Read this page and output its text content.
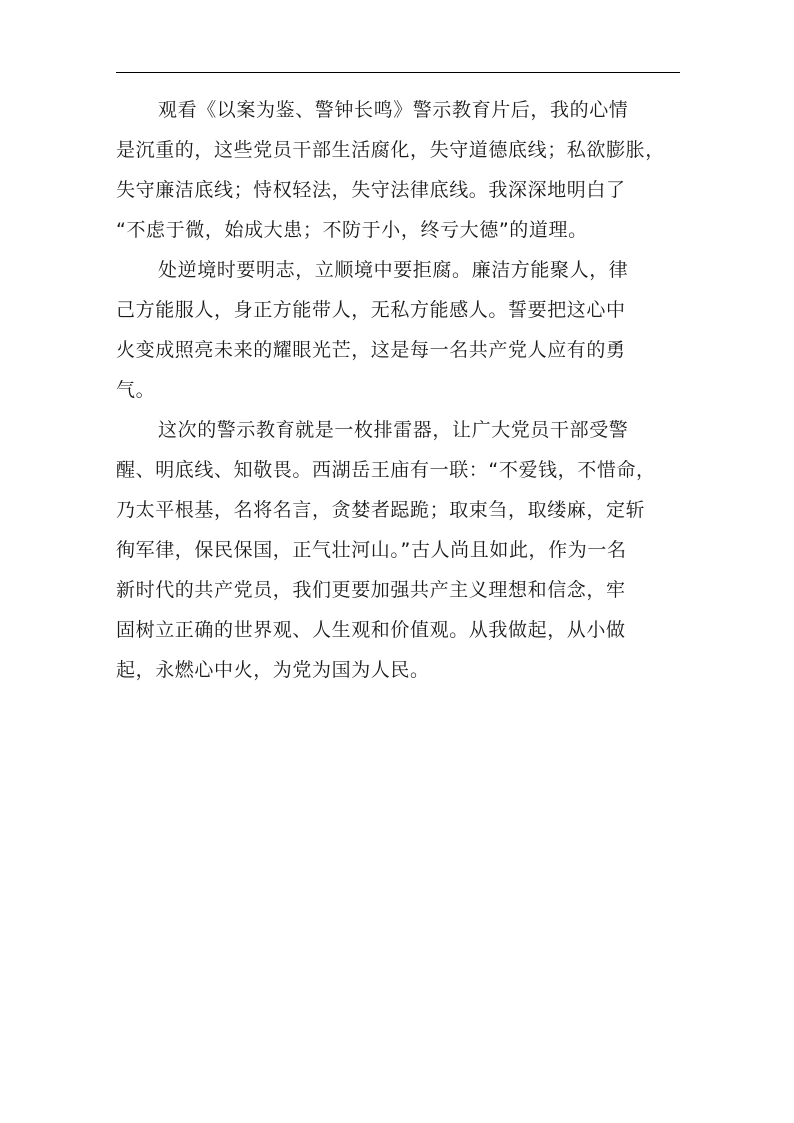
观看《以案为鉴、警钟长鸣》警示教育片后，我的心情
是沉重的，这些党员干部生活腐化，失守道德底线；私欲膨胀，
失守廉洁底线；恃权轻法，失守法律底线。我深深地明白了
“不虑于微，始成大患；不防于小，终亏大德”的道理。
处逆境时要明志，立顺境中要拒腐。廉洁方能聚人，律
己方能服人，身正方能带人，无私方能感人。誓要把这心中
火变成照亮未来的耀眼光芒，这是每一名共产党人应有的勇
气。
这次的警示教育就是一枚排雷器，让广大党员干部受警
醒、明底线、知敬畏。西湖岳王庙有一联：“不爱钱，不惜命，
乃太平根基，名将名言，贪婪者跽跪；取束刍，取缕麻，定斩
徇军律，保民保国，正气壮河山。”古人尚且如此，作为一名
新时代的共产党员，我们更要加强共产主义理想和信念，牢
固树立正确的世界观、人生观和价值观。从我做起，从小做
起，永燃心中火，为党为国为人民。
